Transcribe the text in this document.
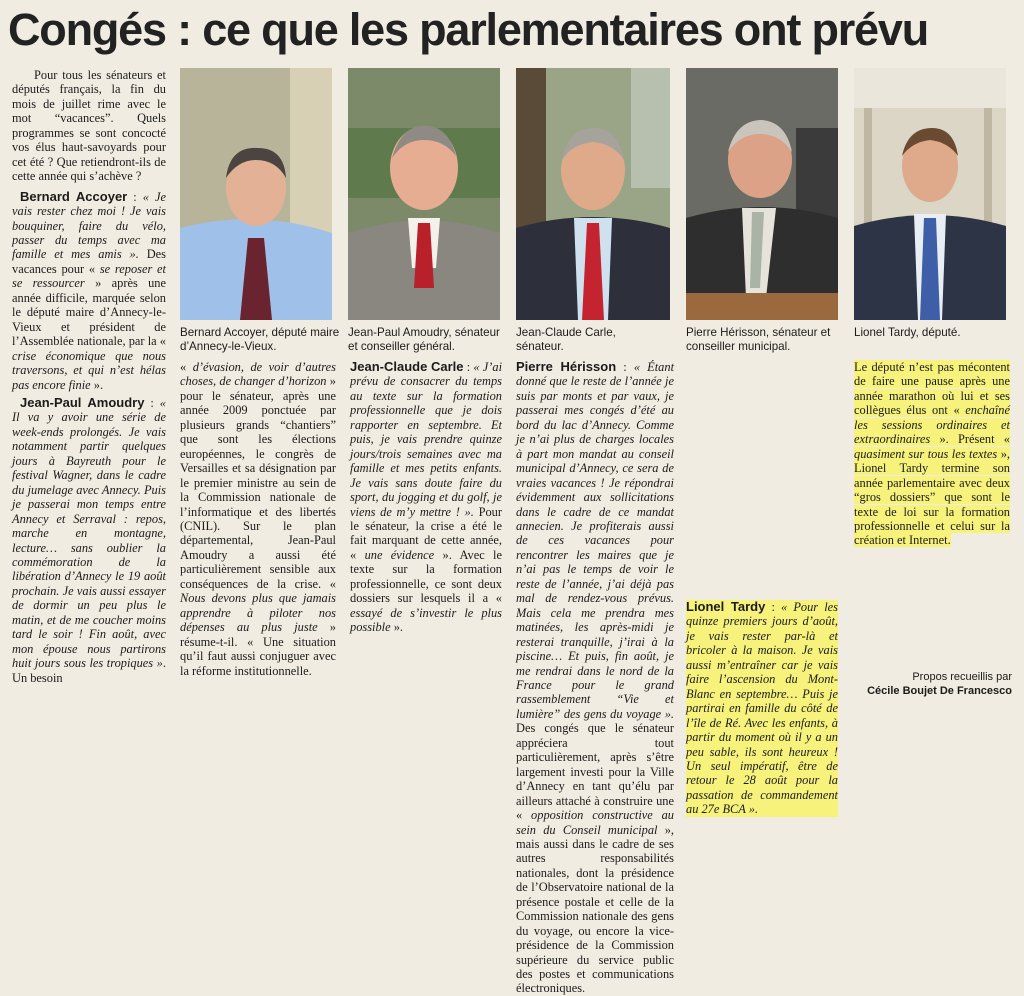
Congés : ce que les parlementaires ont prévu

Pour tous les sénateurs et députés français, la fin du mois de juillet rime avec le mot “vacances”. Quels programmes se sont concocté vos élus haut-savoyards pour cet été ? Que retiendront-ils de cette année qui s’achève ?

Bernard Accoyer : « Je vais rester chez moi ! Je vais bouquiner, faire du vélo, passer du temps avec ma famille et mes amis ». Des vacances pour « se reposer et se ressourcer » après une année difficile, marquée selon le député maire d’Annecy-le-Vieux et président de l’Assemblée nationale, par la « crise économique que nous traversons, et qui n’est hélas pas encore finie ».

Jean-Paul Amoudry : « Il va y avoir une série de week-ends prolongés. Je vais notamment partir quelques jours à Bayreuth pour le festival Wagner, dans le cadre du jumelage avec Annecy. Puis je passerai mon temps entre Annecy et Serraval : repos, marche en montagne, lecture… sans oublier la commémoration de la libération d’Annecy le 19 août prochain. Je vais aussi essayer de dormir un peu plus le matin, et de me coucher moins tard le soir ! Fin août, avec mon épouse nous partirons huit jours sous les tropiques ». Un besoin

Bernard Accoyer, député maire d’Annecy-le-Vieux.
Jean-Paul Amoudry, sénateur et conseiller général.
Jean-Claude Carle, sénateur.
Pierre Hérisson, sénateur et conseiller municipal.
Lionel Tardy, député.

« d’évasion, de voir d’autres choses, de changer d’horizon » pour le sénateur, après une année 2009 ponctuée par plusieurs grands “chantiers” que sont les élections européennes, le congrès de Versailles et sa désignation par le premier ministre au sein de la Commission nationale de l’informatique et des libertés (CNIL). Sur le plan départemental, Jean-Paul Amoudry a aussi été particulièrement sensible aux conséquences de la crise. « Nous devons plus que jamais apprendre à piloter nos dépenses au plus juste » résume-t-il. « Une situation qu’il faut aussi conjuguer avec la réforme institutionnelle.

Jean-Claude Carle : « J’ai prévu de consacrer du temps au texte sur la formation professionnelle que je dois rapporter en septembre. Et puis, je vais prendre quinze jours/trois semaines avec ma famille et mes petits enfants. Je vais sans doute faire du sport, du jogging et du golf, je viens de m’y mettre ! ». Pour le sénateur, la crise a été le fait marquant de cette année, « une évidence ». Avec le texte sur la formation professionnelle, ce sont deux dossiers sur lesquels il a « essayé de s’investir le plus possible ».

Pierre Hérisson : « Étant donné que le reste de l’année je suis par monts et par vaux, je passerai mes congés d’été au bord du lac d’Annecy. Comme je n’ai plus de charges locales à part mon mandat au conseil municipal d’Annecy, ce sera de vraies vacances ! Je répondrai évidemment aux sollicitations dans le cadre de ce mandat annecien. Je profiterais aussi de ces vacances pour rencontrer les maires que je n’ai pas le temps de voir le reste de l’année, j’ai déjà pas mal de rendez-vous prévus. Mais cela me prendra mes matinées, les après-midi je resterai tranquille, j’irai à la piscine… Et puis, fin août, je me rendrai dans le nord de la France pour le grand rassemblement “Vie et lumière” des gens du voyage ». Des congés que le sénateur appréciera tout particulièrement, après s’être largement investi pour la Ville d’Annecy en tant qu’élu par ailleurs attaché à construire une « opposition constructive au sein du Conseil municipal », mais aussi dans le cadre de ses autres responsabilités nationales, dont la présidence de l’Observatoire national de la présence postale et celle de la Commission nationale des gens du voyage, ou encore la vice-présidence de la Commission supérieure du service public des postes et communications électroniques.

Lionel Tardy : « Pour les quinze premiers jours d’août, je vais rester par-là et bricoler à la maison. Je vais aussi m’entraîner car je vais faire l’ascension du Mont-Blanc en septembre… Puis je partirai en famille du côté de l’île de Ré. Avec les enfants, à partir du moment où il y a un peu sable, ils sont heureux ! Un seul impératif, être de retour le 28 août pour la passation de commandement au 27e BCA ».

Le député n’est pas mécontent de faire une pause après une année marathon où lui et ses collègues élus ont « enchaîné les sessions ordinaires et extraordinaires ». Présent « quasiment sur tous les textes », Lionel Tardy termine son année parlementaire avec deux “gros dossiers” que sont le texte de loi sur la formation professionnelle et celui sur la création et Internet.

Propos recueillis par
Cécile Boujet De Francesco
